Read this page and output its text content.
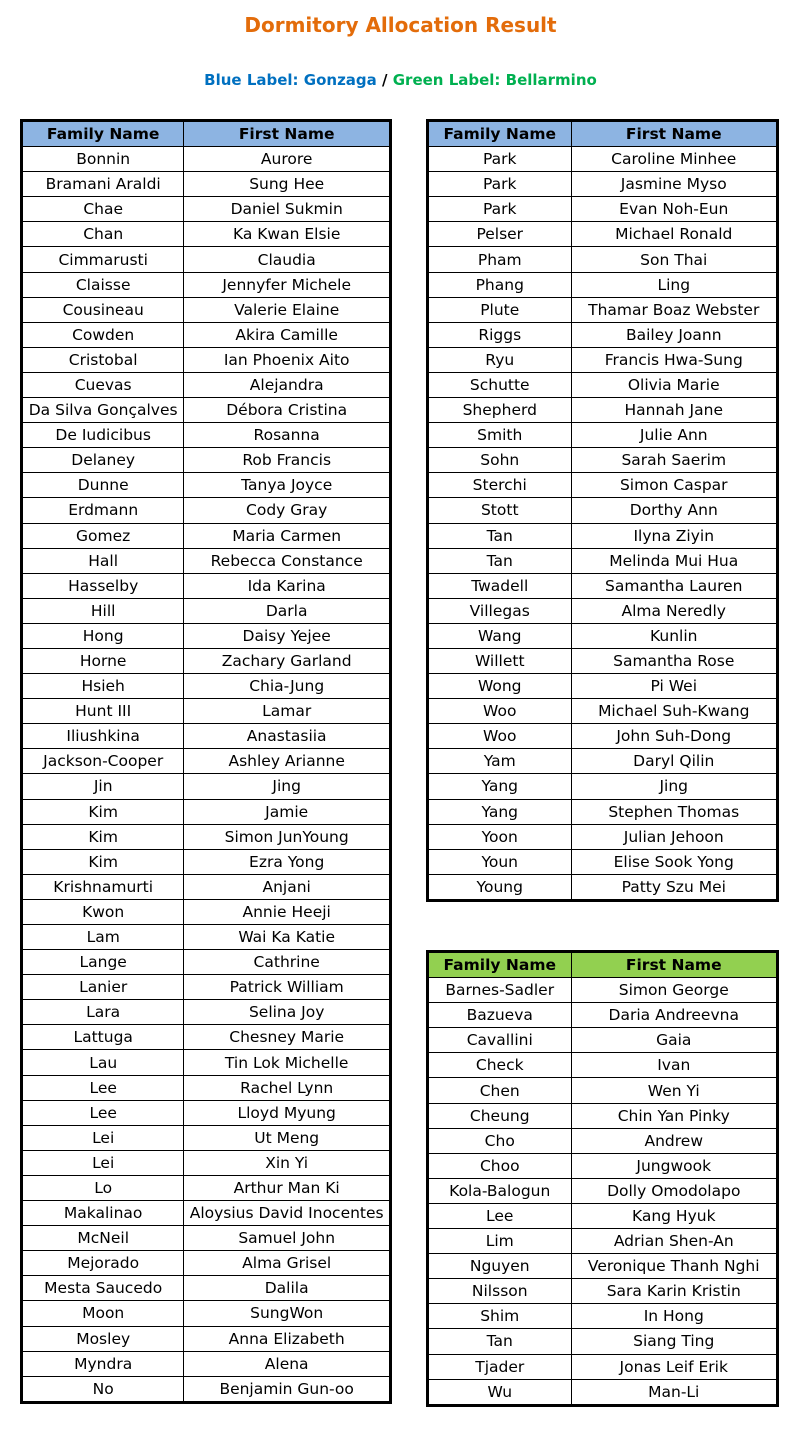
Dormitory Allocation Result
Blue Label: Gonzaga / Green Label: Bellarmino
Family Name	First Name
Bonnin	Aurore
Bramani Araldi	Sung Hee
Chae	Daniel Sukmin
Chan	Ka Kwan Elsie
Cimmarusti	Claudia
Claisse	Jennyfer Michele
Cousineau	Valerie Elaine
Cowden	Akira Camille
Cristobal	Ian Phoenix Aito
Cuevas	Alejandra
Da Silva Gonçalves	Débora Cristina
De Iudicibus	Rosanna
Delaney	Rob Francis
Dunne	Tanya Joyce
Erdmann	Cody Gray
Gomez	Maria Carmen
Hall	Rebecca Constance
Hasselby	Ida Karina
Hill	Darla
Hong	Daisy Yejee
Horne	Zachary Garland
Hsieh	Chia-Jung
Hunt III	Lamar
Iliushkina	Anastasiia
Jackson-Cooper	Ashley Arianne
Jin	Jing
Kim	Jamie
Kim	Simon JunYoung
Kim	Ezra Yong
Krishnamurti	Anjani
Kwon	Annie Heeji
Lam	Wai Ka Katie
Lange	Cathrine
Lanier	Patrick William
Lara	Selina Joy
Lattuga	Chesney Marie
Lau	Tin Lok Michelle
Lee	Rachel Lynn
Lee	Lloyd Myung
Lei	Ut Meng
Lei	Xin Yi
Lo	Arthur Man Ki
Makalinao	Aloysius David Inocentes
McNeil	Samuel John
Mejorado	Alma Grisel
Mesta Saucedo	Dalila
Moon	SungWon
Mosley	Anna Elizabeth
Myndra	Alena
No	Benjamin Gun-oo
Family Name	First Name
Park	Caroline Minhee
Park	Jasmine Myso
Park	Evan Noh-Eun
Pelser	Michael Ronald
Pham	Son Thai
Phang	Ling
Plute	Thamar Boaz Webster
Riggs	Bailey Joann
Ryu	Francis Hwa-Sung
Schutte	Olivia Marie
Shepherd	Hannah Jane
Smith	Julie Ann
Sohn	Sarah Saerim
Sterchi	Simon Caspar
Stott	Dorthy Ann
Tan	Ilyna Ziyin
Tan	Melinda Mui Hua
Twadell	Samantha Lauren
Villegas	Alma Neredly
Wang	Kunlin
Willett	Samantha Rose
Wong	Pi Wei
Woo	Michael Suh-Kwang
Woo	John Suh-Dong
Yam	Daryl Qilin
Yang	Jing
Yang	Stephen Thomas
Yoon	Julian Jehoon
Youn	Elise Sook Yong
Young	Patty Szu Mei
Family Name	First Name
Barnes-Sadler	Simon George
Bazueva	Daria Andreevna
Cavallini	Gaia
Check	Ivan
Chen	Wen Yi
Cheung	Chin Yan Pinky
Cho	Andrew
Choo	Jungwook
Kola-Balogun	Dolly Omodolapo
Lee	Kang Hyuk
Lim	Adrian Shen-An
Nguyen	Veronique Thanh Nghi
Nilsson	Sara Karin Kristin
Shim	In Hong
Tan	Siang Ting
Tjader	Jonas Leif Erik
Wu	Man-Li
